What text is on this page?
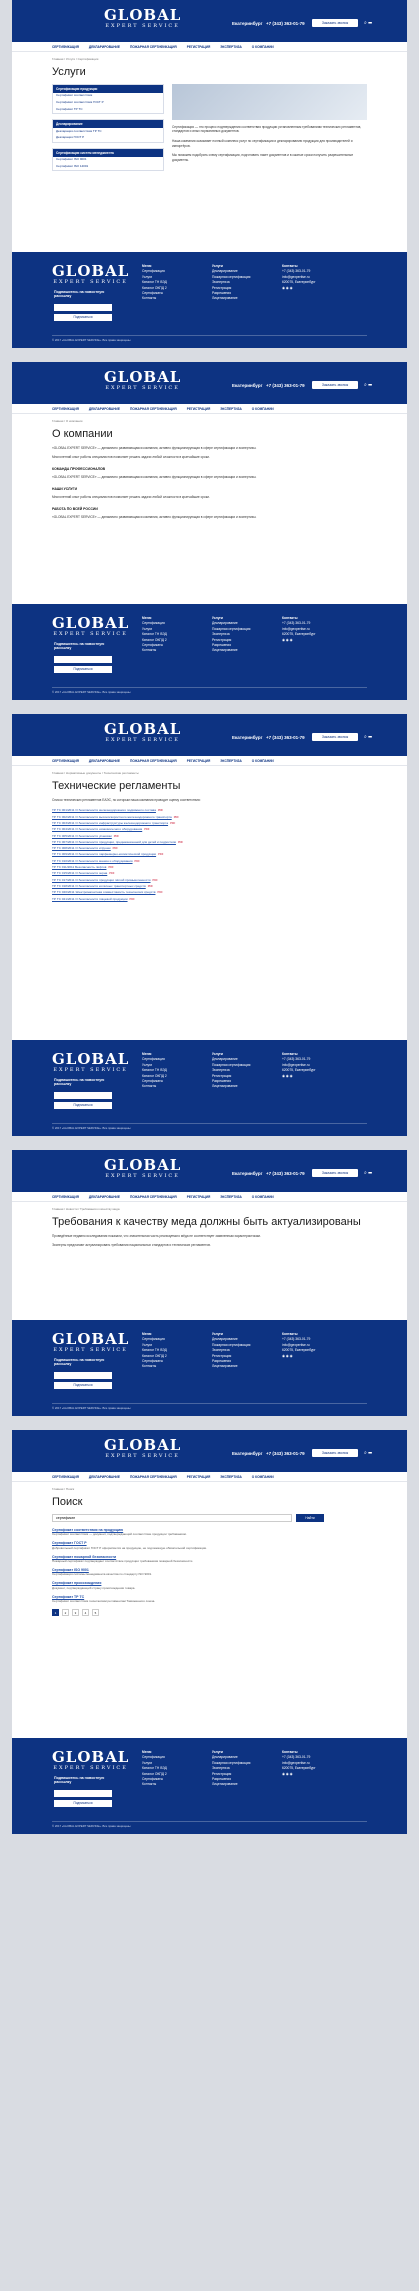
GLOBAL
EXPERT SERVICE	Екатеринбург +7 (343) 363-01-79	Заказать звонок	⌕ ☰
СЕРТИФИКАЦИЯ	ДЕКЛАРИРОВАНИЕ	ПОЖАРНАЯ СЕРТИФИКАЦИЯ	РЕГИСТРАЦИЯ	ЭКСПЕРТИЗА	О КОМПАНИИ
Главная / Услуги / Сертификация
Услуги
Сертификация продукции
Сертификат соответствия
Сертификат соответствия ГОСТ Р
Сертификат ТР ТС
Декларирование
Декларация соответствия ТР ТС
Декларация ГОСТ Р
Сертификация систем менеджмента
Сертификат ISO 9001
Сертификат ISO 14001
Сертификация — это процесс подтверждения соответствия продукции установленным требованиям технических регламентов, стандартов и иных нормативных документов.
Наша компания оказывает полный комплекс услуг по сертификации и декларированию продукции для производителей и импортёров.
Мы поможем подобрать схему сертификации, подготовить пакет документов и в сжатые сроки получить разрешительные документы.
GLOBAL
EXPERT SERVICE
Подпишитесь на новостную рассылку
Подписаться
Меню
Сертификация
Услуги
Каталог ТН ВЭД
Каталог ОКПД 2
Сертификаты
Контакты
Услуги
Декларирование
Пожарная сертификация
Экспертиза
Регистрация
Разрешения
Лицензирование
Контакты
+7 (343) 363-01-79
info@gexpertise.ru
620075, Екатеринбург
◉ ◉ ◉
© 2017 «GLOBAL EXPERT SERVICE». Все права защищены
GLOBAL
EXPERT SERVICE	Екатеринбург +7 (343) 363-01-79	Заказать звонок	⌕ ☰
СЕРТИФИКАЦИЯ	ДЕКЛАРИРОВАНИЕ	ПОЖАРНАЯ СЕРТИФИКАЦИЯ	РЕГИСТРАЦИЯ	ЭКСПЕРТИЗА	О КОМПАНИИ
Главная / О компании
О компании
«GLOBAL EXPERT SERVICE» — динамично развивающаяся компания, активно функционирующая в сфере сертификации и экспертизы.
Многолетний опыт работы специалистов позволяет решать задачи любой сложности в кратчайшие сроки.
КОМАНДА ПРОФЕССИОНАЛОВ
«GLOBAL EXPERT SERVICE» — динамично развивающаяся компания, активно функционирующая в сфере сертификации и экспертизы.
НАШИ УСЛУГИ
Многолетний опыт работы специалистов позволяет решать задачи любой сложности в кратчайшие сроки.
РАБОТА ПО ВСЕЙ РОССИИ
«GLOBAL EXPERT SERVICE» — динамично развивающаяся компания, активно функционирующая в сфере сертификации и экспертизы.
GLOBAL
EXPERT SERVICE
Подпишитесь на новостную рассылку
Подписаться
Меню
Сертификация
Услуги
Каталог ТН ВЭД
Каталог ОКПД 2
Сертификаты
Контакты
Услуги
Декларирование
Пожарная сертификация
Экспертиза
Регистрация
Разрешения
Лицензирование
Контакты
+7 (343) 363-01-79
info@gexpertise.ru
620075, Екатеринбург
◉ ◉ ◉
© 2017 «GLOBAL EXPERT SERVICE». Все права защищены
GLOBAL
EXPERT SERVICE	Екатеринбург +7 (343) 363-01-79	Заказать звонок	⌕ ☰
СЕРТИФИКАЦИЯ	ДЕКЛАРИРОВАНИЕ	ПОЖАРНАЯ СЕРТИФИКАЦИЯ	РЕГИСТРАЦИЯ	ЭКСПЕРТИЗА	О КОМПАНИИ
Главная / Нормативные документы / Технические регламенты
Технические регламенты
Список технических регламентов ЕАЭС, по которым наша компания проводит оценку соответствия:
ТР ТС 001/2011 О безопасности железнодорожного подвижного состава PDF
ТР ТС 002/2011 О безопасности высокоскоростного железнодорожного транспорта PDF
ТР ТС 003/2011 О безопасности инфраструктуры железнодорожного транспорта PDF
ТР ТС 004/2011 О безопасности низковольтного оборудования PDF
ТР ТС 005/2011 О безопасности упаковки PDF
ТР ТС 007/2011 О безопасности продукции, предназначенной для детей и подростков PDF
ТР ТС 008/2011 О безопасности игрушек PDF
ТР ТС 009/2011 О безопасности парфюмерно-косметической продукции PDF
ТР ТС 010/2011 О безопасности машин и оборудования PDF
ТР ТС 011/2011 Безопасность лифтов PDF
ТР ТС 015/2011 О безопасности зерна PDF
ТР ТС 017/2011 О безопасности продукции лёгкой промышленности PDF
ТР ТС 018/2011 О безопасности колёсных транспортных средств PDF
ТР ТС 020/2011 Электромагнитная совместимость технических средств PDF
ТР ТС 021/2011 О безопасности пищевой продукции PDF
GLOBAL
EXPERT SERVICE
Подпишитесь на новостную рассылку
Подписаться
Меню
Сертификация
Услуги
Каталог ТН ВЭД
Каталог ОКПД 2
Сертификаты
Контакты
Услуги
Декларирование
Пожарная сертификация
Экспертиза
Регистрация
Разрешения
Лицензирование
Контакты
+7 (343) 363-01-79
info@gexpertise.ru
620075, Екатеринбург
◉ ◉ ◉
© 2017 «GLOBAL EXPERT SERVICE». Все права защищены
GLOBAL
EXPERT SERVICE	Екатеринбург +7 (343) 363-01-79	Заказать звонок	⌕ ☰
СЕРТИФИКАЦИЯ	ДЕКЛАРИРОВАНИЕ	ПОЖАРНАЯ СЕРТИФИКАЦИЯ	РЕГИСТРАЦИЯ	ЭКСПЕРТИЗА	О КОМПАНИИ
Главная / Новости / Требования к качеству меда
Требования к качеству меда должны быть актуализированы
Проведённые недавно исследования показали, что значительная часть реализуемого мёда не соответствует заявленным характеристикам.
Эксперты предлагают актуализировать требования национальных стандартов и технических регламентов.
GLOBAL
EXPERT SERVICE
Подпишитесь на новостную рассылку
Подписаться
Меню
Сертификация
Услуги
Каталог ТН ВЭД
Каталог ОКПД 2
Сертификаты
Контакты
Услуги
Декларирование
Пожарная сертификация
Экспертиза
Регистрация
Разрешения
Лицензирование
Контакты
+7 (343) 363-01-79
info@gexpertise.ru
620075, Екатеринбург
◉ ◉ ◉
© 2017 «GLOBAL EXPERT SERVICE». Все права защищены
GLOBAL
EXPERT SERVICE	Екатеринбург +7 (343) 363-01-79	Заказать звонок	⌕ ☰
СЕРТИФИКАЦИЯ	ДЕКЛАРИРОВАНИЕ	ПОЖАРНАЯ СЕРТИФИКАЦИЯ	РЕГИСТРАЦИЯ	ЭКСПЕРТИЗА	О КОМПАНИИ
Главная / Поиск
Поиск
сертификат
Найти
Сертификат соответствия на продукцию
Сертификат соответствия — документ, подтверждающий соответствие продукции требованиям.
Сертификат ГОСТ Р
Добровольный сертификат ГОСТ Р оформляется на продукцию, не подлежащую обязательной сертификации.
Сертификат пожарной безопасности
Пожарный сертификат подтверждает соответствие продукции требованиям пожарной безопасности.
Сертификат ISO 9001
Сертификация системы менеджмента качества по стандарту ISO 9001.
Сертификат происхождения
Документ, подтверждающий страну происхождения товара.
Сертификат ТР ТС
Сертификат соответствия техническим регламентам Таможенного союза.
1	2	3	4	5
GLOBAL
EXPERT SERVICE
Подпишитесь на новостную рассылку
Подписаться
Меню
Сертификация
Услуги
Каталог ТН ВЭД
Каталог ОКПД 2
Сертификаты
Контакты
Услуги
Декларирование
Пожарная сертификация
Экспертиза
Регистрация
Разрешения
Лицензирование
Контакты
+7 (343) 363-01-79
info@gexpertise.ru
620075, Екатеринбург
◉ ◉ ◉
© 2017 «GLOBAL EXPERT SERVICE». Все права защищены
